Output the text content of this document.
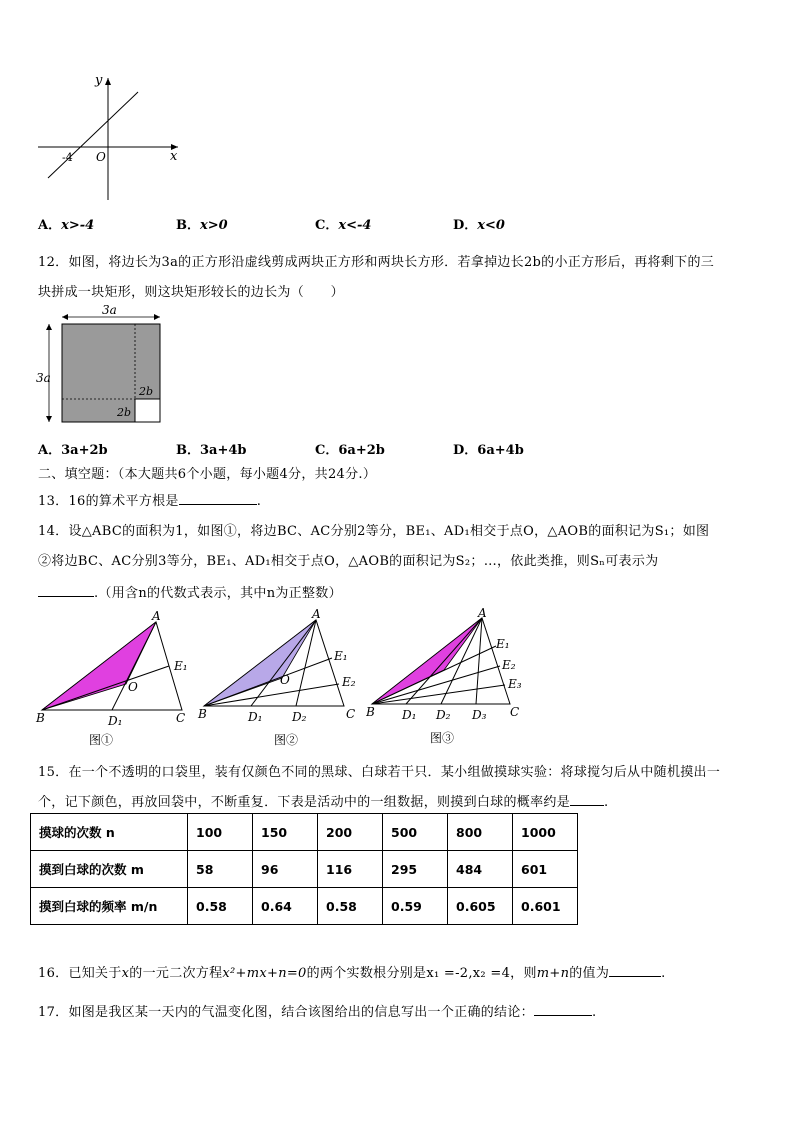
y
x
O
-4
A．x>-4	B．x>0	C．x<-4	D．x<0
12．如图，将边长为3a的正方形沿虚线剪成两块正方形和两块长方形．若拿掉边长2b的小正方形后，再将剩下的三
块拼成一块矩形，则这块矩形较长的边长为（　　）
3a
3a
2b
2b
A．3a+2b	B．3a+4b	C．6a+2b	D．6a+4b
二、填空题：（本大题共6个小题，每小题4分，共24分.）
13．16的算术平方根是	.
14．设△ABC的面积为1，如图①，将边BC、AC分别2等分，BE₁、AD₁相交于点O，△AOB的面积记为S₁；如图
②将边BC、AC分别3等分，BE₁、AD₁相交于点O，△AOB的面积记为S₂；…，依此类推，则Sₙ可表示为
.（用含n的代数式表示，其中n为正整数）
A
B	C
O
D₁
E₁
图①
A
B	C
O
D₁ D₂
E₁
E₂
图②
A
B	C
D₁ D₂ D₃
E₁
E₂
E₃
图③
15．在一个不透明的口袋里，装有仅颜色不同的黑球、白球若干只．某小组做摸球实验：将球搅匀后从中随机摸出一
个，记下颜色，再放回袋中，不断重复．下表是活动中的一组数据，则摸到白球的概率约是	.
摸球的次数 n	100	150	200	500	800	1000
摸到白球的次数 m	58	96	116	295	484	601
摸到白球的频率 m/n	0.58	0.64	0.58	0.59	0.605	0.601
16．已知关于x的一元二次方程x²+mx+n=0的两个实数根分别是x₁ =-2,x₂ =4，则m+n的值为	.
17．如图是我区某一天内的气温变化图，结合该图给出的信息写出一个正确的结论：	.
